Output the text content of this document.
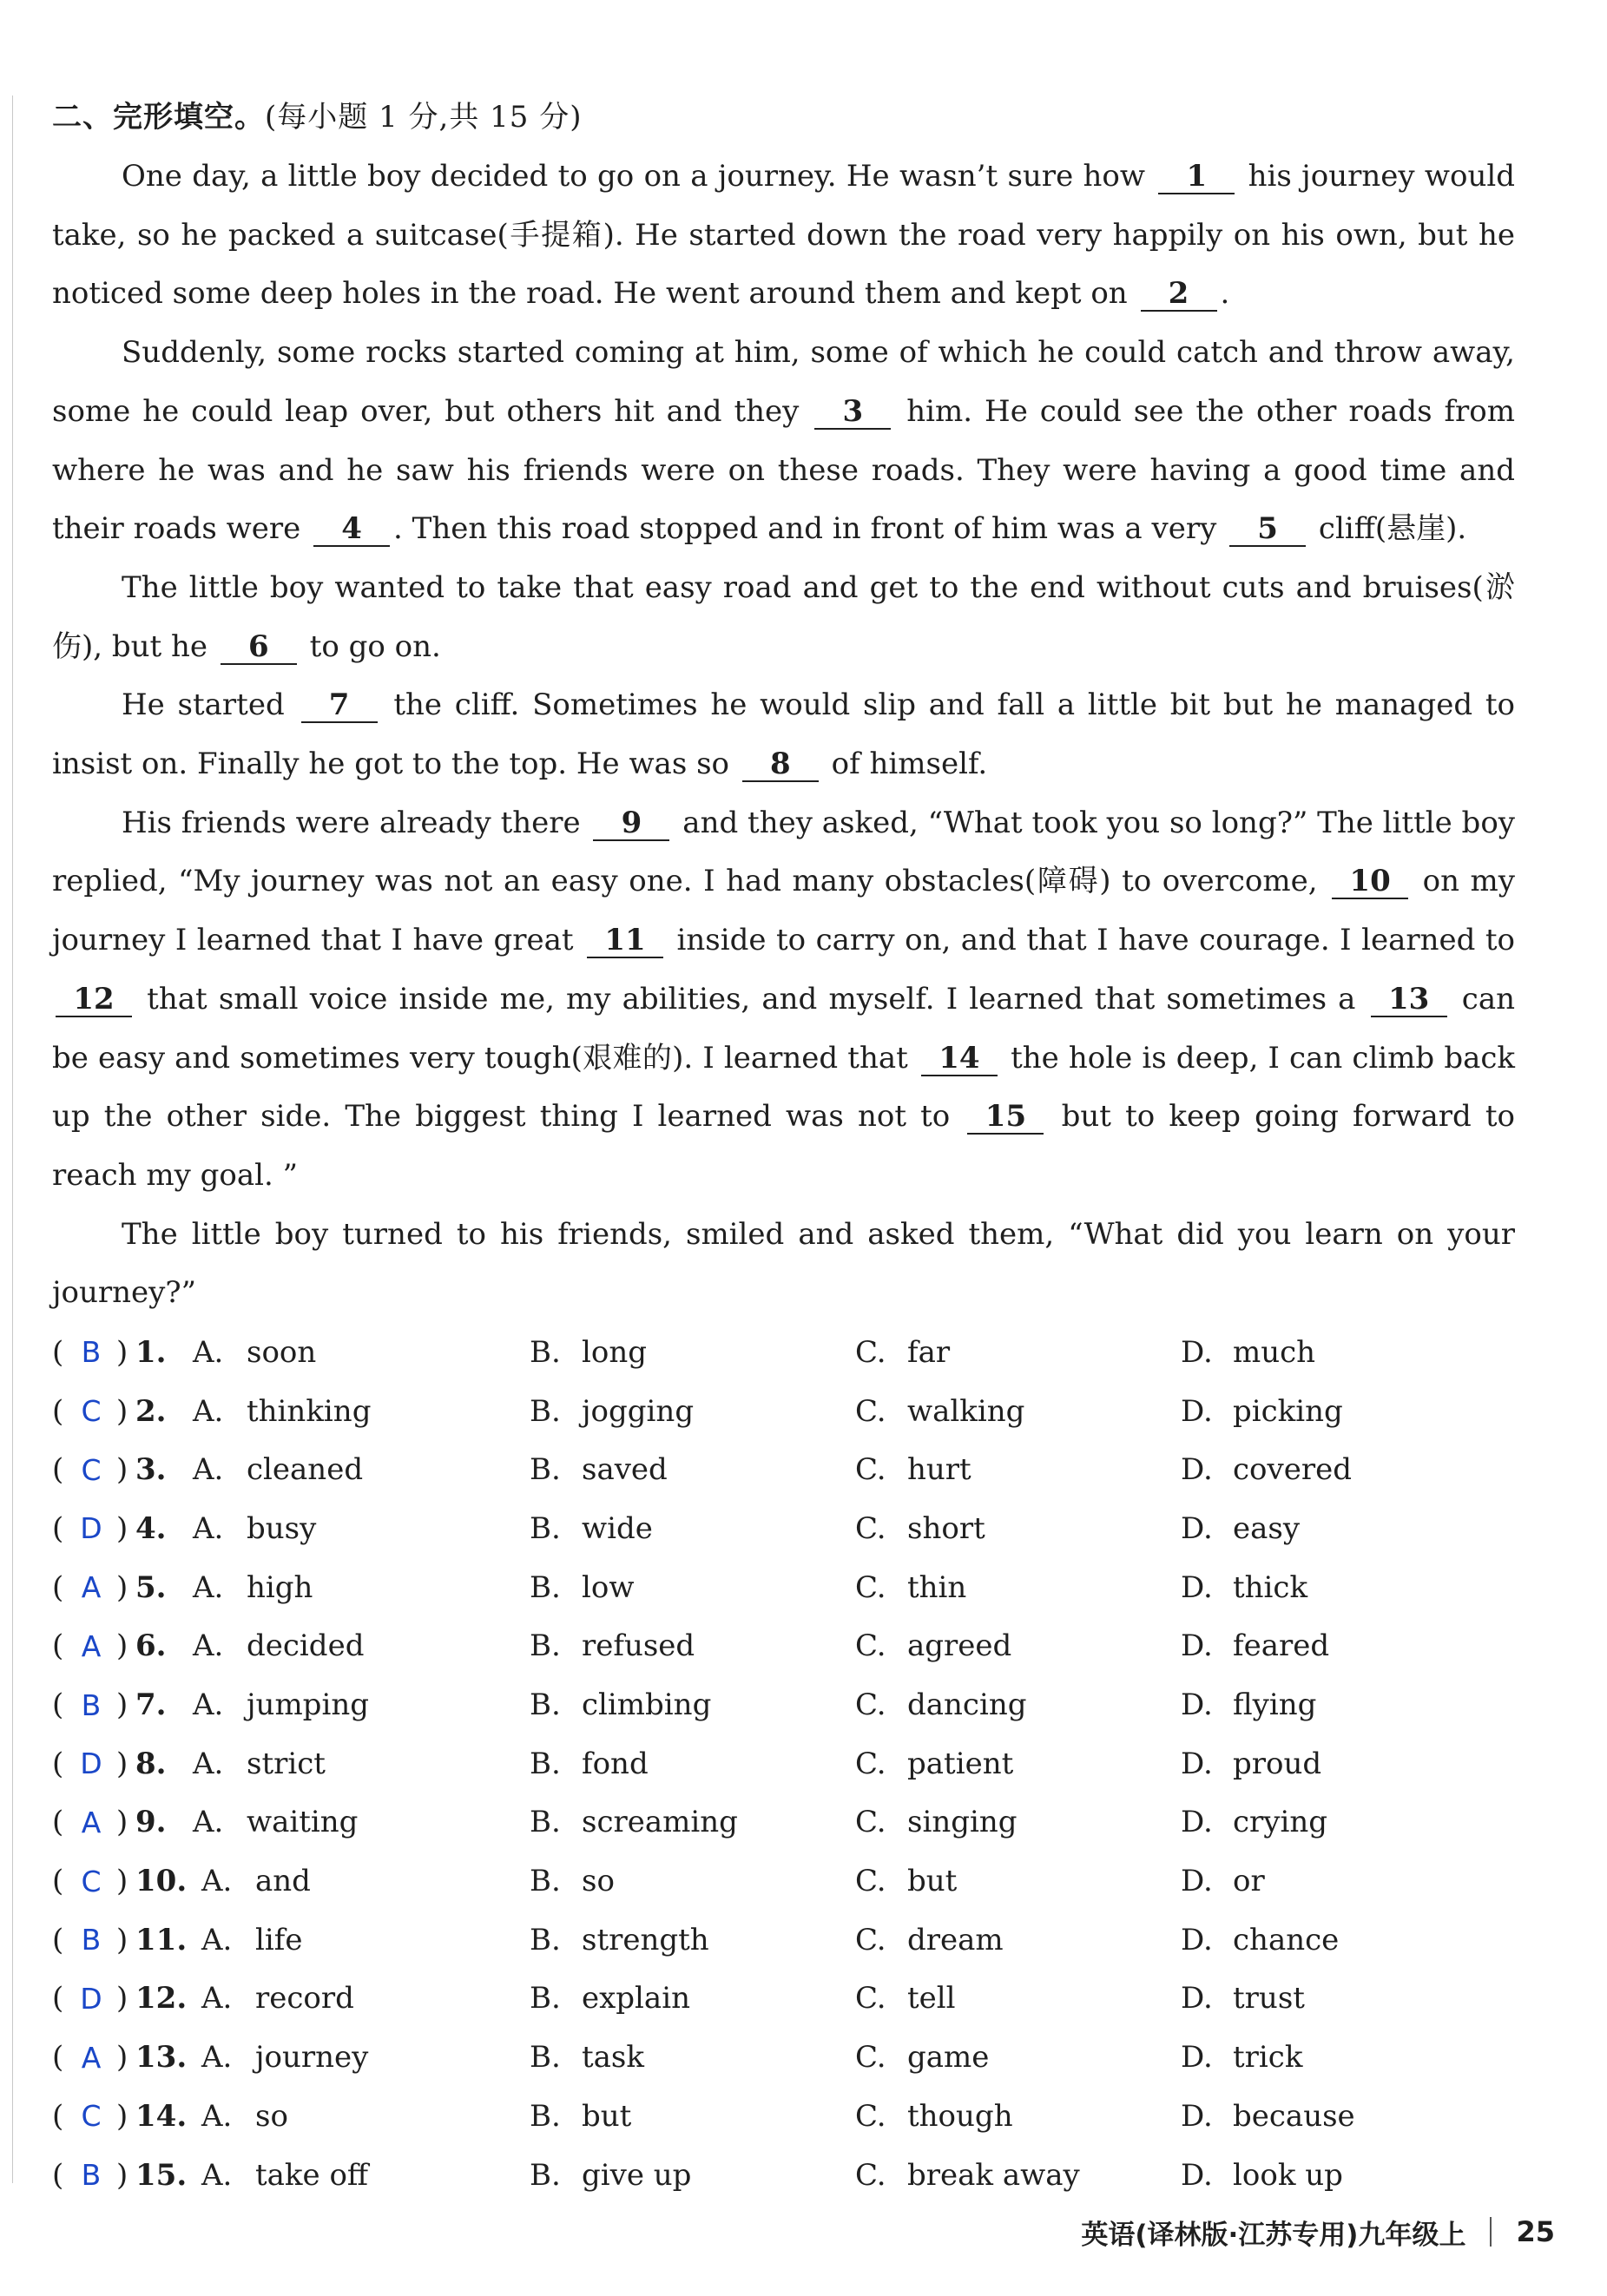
二、完形填空。(每小题 1 分,共 15 分)

One day, a little boy decided to go on a journey. He wasn’t sure how 1 his journey would take, so he packed a suitcase(手提箱). He started down the road very happily on his own, but he noticed some deep holes in the road. He went around them and kept on 2 .

Suddenly, some rocks started coming at him, some of which he could catch and throw away, some he could leap over, but others hit and they 3 him. He could see the other roads from where he was and he saw his friends were on these roads. They were having a good time and their roads were 4 . Then this road stopped and in front of him was a very 5 cliff(悬崖).

The little boy wanted to take that easy road and get to the end without cuts and bruises(淤伤), but he 6 to go on.

He started 7 the cliff. Sometimes he would slip and fall a little bit but he managed to insist on. Finally he got to the top. He was so 8 of himself.

His friends were already there 9 and they asked, “What took you so long?” The little boy replied, “My journey was not an easy one. I had many obstacles(障碍) to overcome, 10 on my journey I learned that I have great 11 inside to carry on, and that I have courage. I learned to 12 that small voice inside me, my abilities, and myself. I learned that sometimes a 13 can be easy and sometimes very tough(艰难的). I learned that 14 the hole is deep, I can climb back up the other side. The biggest thing I learned was not to 15 but to keep going forward to reach my goal. ”

The little boy turned to his friends, smiled and asked them, “What did you learn on your journey?”

( B ) 1. A. soon	B. long	C. far	D. much
( C ) 2. A. thinking	B. jogging	C. walking	D. picking
( C ) 3. A. cleaned	B. saved	C. hurt	D. covered
( D ) 4. A. busy	B. wide	C. short	D. easy
( A ) 5. A. high	B. low	C. thin	D. thick
( A ) 6. A. decided	B. refused	C. agreed	D. feared
( B ) 7. A. jumping	B. climbing	C. dancing	D. flying
( D ) 8. A. strict	B. fond	C. patient	D. proud
( A ) 9. A. waiting	B. screaming	C. singing	D. crying
( C ) 10. A. and	B. so	C. but	D. or
( B ) 11. A. life	B. strength	C. dream	D. chance
( D ) 12. A. record	B. explain	C. tell	D. trust
( A ) 13. A. journey	B. task	C. game	D. trick
( C ) 14. A. so	B. but	C. though	D. because
( B ) 15. A. take off	B. give up	C. break away	D. look up
英语(译林版·江苏专用)九年级上 25
